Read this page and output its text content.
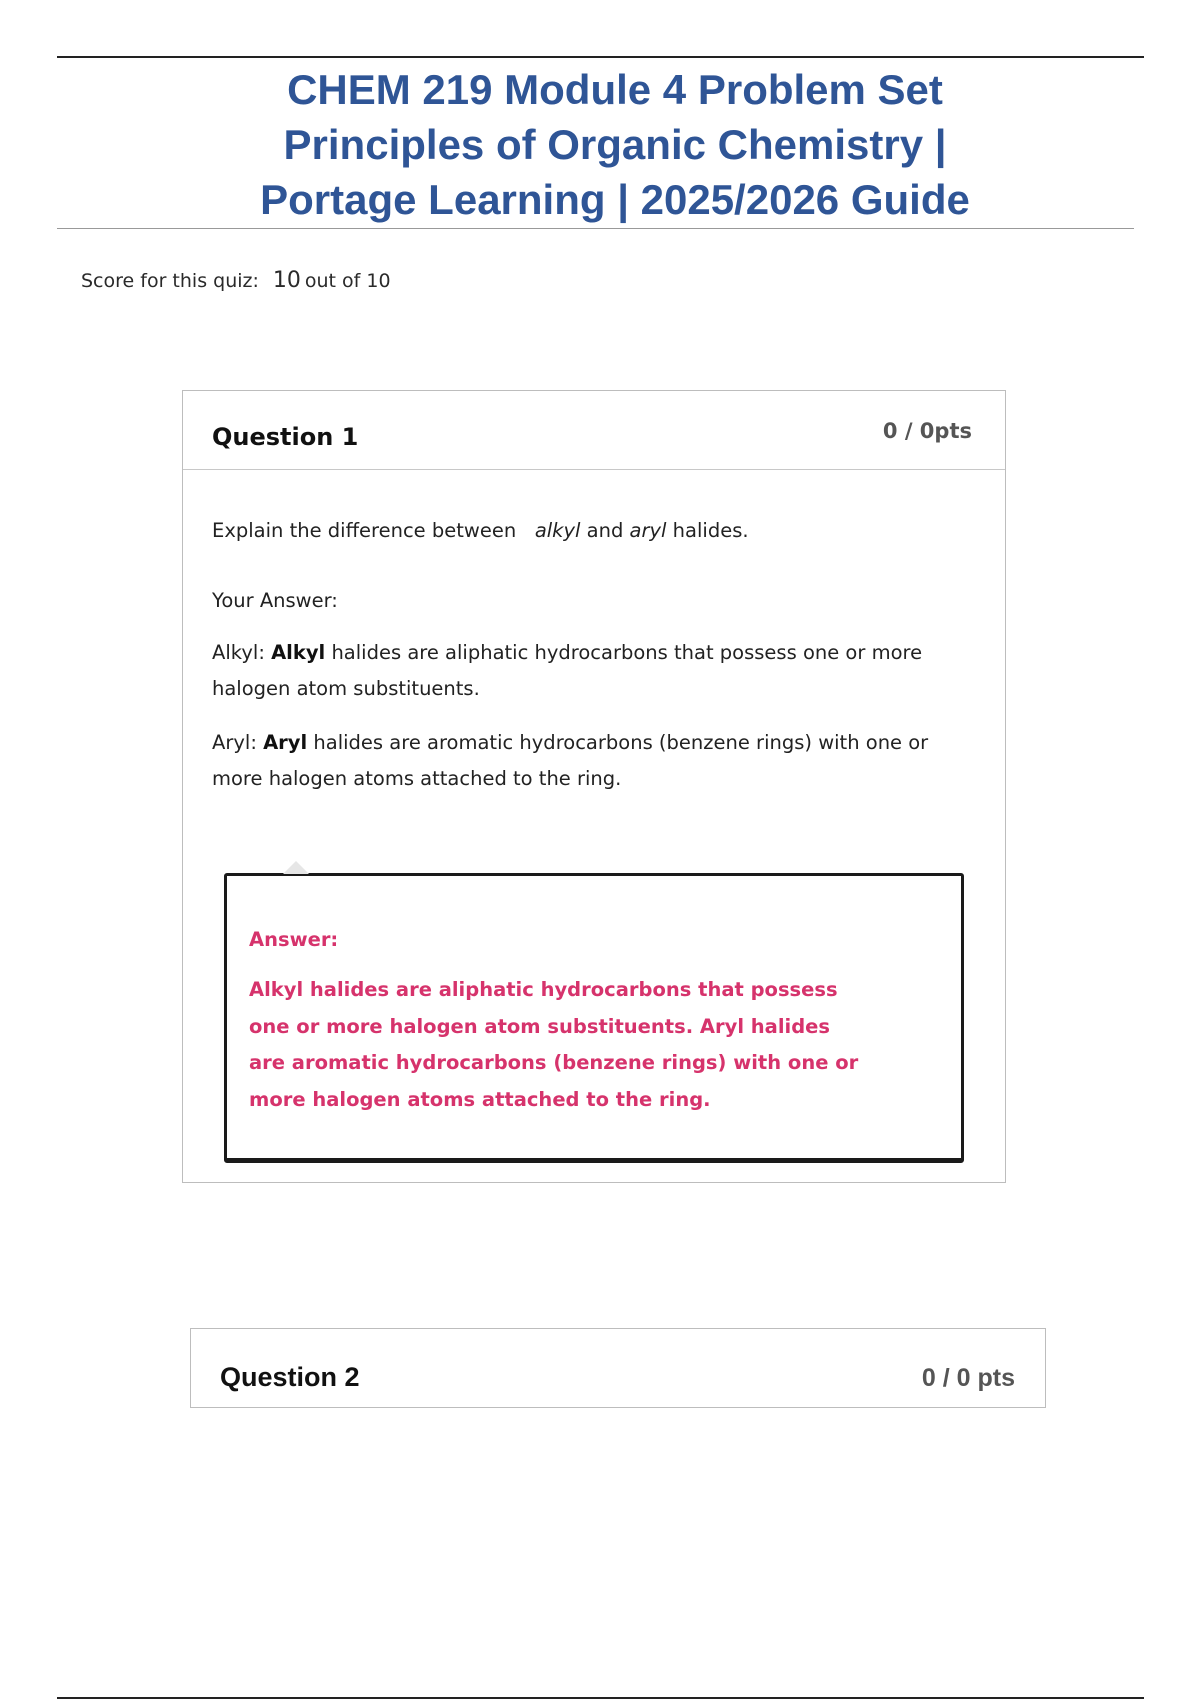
CHEM 219 Module 4 Problem Set
Principles of Organic Chemistry |
Portage Learning | 2025/2026 Guide
Score for this quiz: 10 out of 10
Question 1	0 / 0pts

Explain the difference between alkyl and aryl halides.

Your Answer:

Alkyl: Alkyl halides are aliphatic hydrocarbons that possess one or more halogen atom substituents.

Aryl: Aryl halides are aromatic hydrocarbons (benzene rings) with one or more halogen atoms attached to the ring.

Answer:

Alkyl halides are aliphatic hydrocarbons that possess one or more halogen atom substituents. Aryl halides are aromatic hydrocarbons (benzene rings) with one or more halogen atoms attached to the ring.

Question 2	0 / 0 pts
